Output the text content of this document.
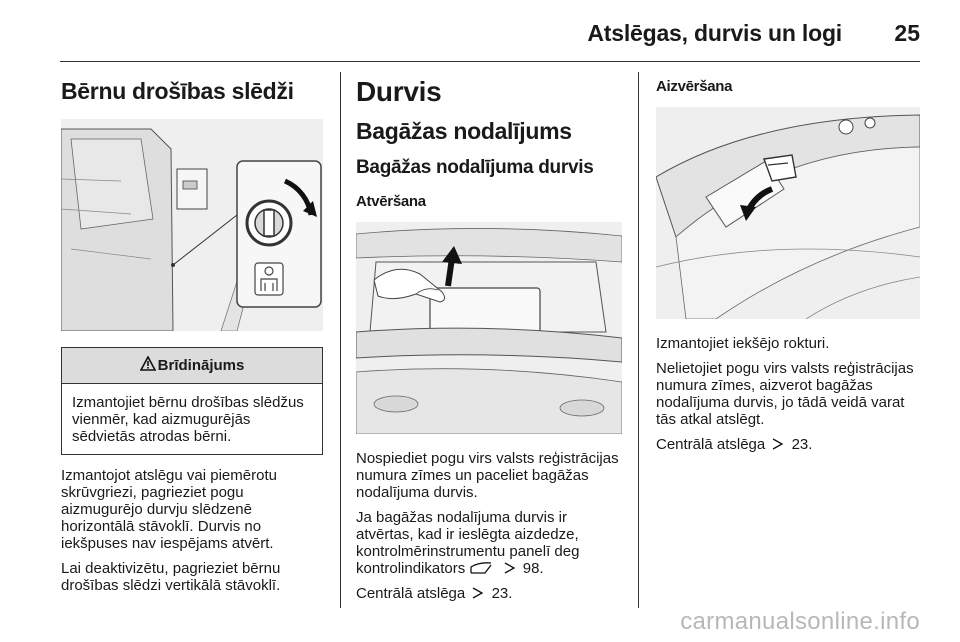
Atslēgas, durvis un logi 25
Bērnu drošības slēdži
Brīdinājums
Izmantojiet bērnu drošības slēdžus vienmēr, kad aizmugurējās sēdvietās atrodas bērni.

Izmantojot atslēgu vai piemērotu skrūvgriezi, pagrieziet pogu aizmugurējo durvju slēdzenē horizontālā stāvoklī. Durvis no iekšpuses nav iespējams atvērt.

Lai deaktivizētu, pagrieziet bērnu drošības slēdzi vertikālā stāvoklī.

Durvis
Bagāžas nodalījums
Bagāžas nodalījuma durvis
Atvēršana

Nospiediet pogu virs valsts reģistrācijas numura zīmes un paceliet bagāžas nodalījuma durvis.

Ja bagāžas nodalījuma durvis ir atvērtas, kad ir ieslēgta aizdedze, kontrolmērinstrumentu panelī deg kontrolindikators	98.

Centrālā atslēga 23.

Aizvēršana

Izmantojiet iekšējo rokturi.

Nelietojiet pogu virs valsts reģistrācijas numura zīmes, aizverot bagāžas nodalījuma durvis, jo tādā veidā varat tās atkal atslēgt.

Centrālā atslēga 23.

carmanualsonline.info
